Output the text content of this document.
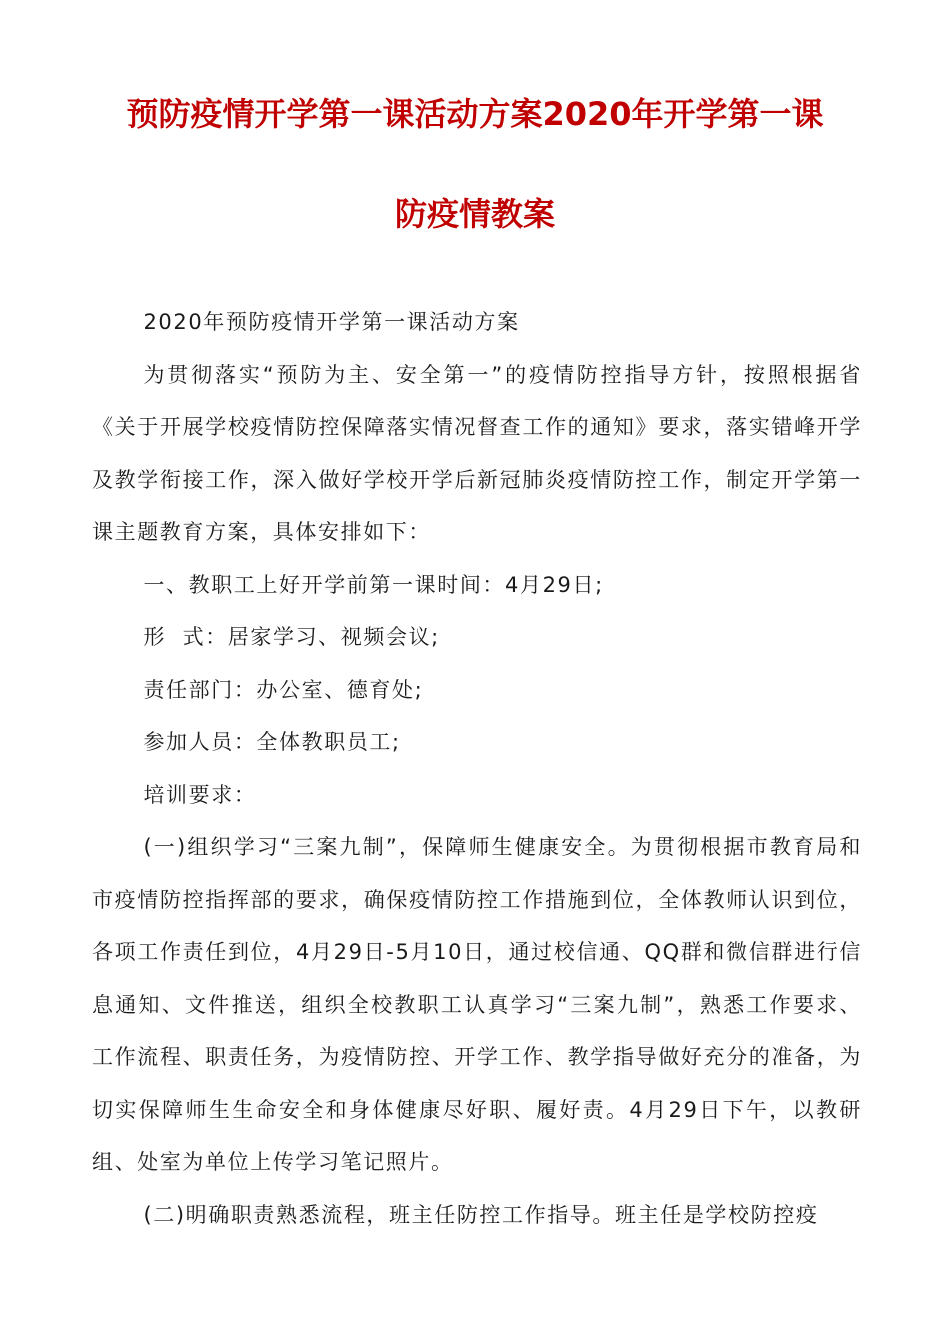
预防疫情开学第一课活动方案2020年开学第一课
防疫情教案

2020年预防疫情开学第一课活动方案

为贯彻落实“预防为主、安全第一”的疫情防控指导方针，按照根据省《关于开展学校疫情防控保障落实情况督查工作的通知》要求，落实错峰开学及教学衔接工作，深入做好学校开学后新冠肺炎疫情防控工作，制定开学第一课主题教育方案，具体安排如下：

一、教职工上好开学前第一课时间：4月29日;

形  式：居家学习、视频会议;

责任部门：办公室、德育处;

参加人员：全体教职员工;

培训要求：

(一)组织学习“三案九制”，保障师生健康安全。为贯彻根据市教育局和市疫情防控指挥部的要求，确保疫情防控工作措施到位，全体教师认识到位，各项工作责任到位，4月29日-5月10日，通过校信通、QQ群和微信群进行信息通知、文件推送，组织全校教职工认真学习“三案九制”，熟悉工作要求、工作流程、职责任务，为疫情防控、开学工作、教学指导做好充分的准备，为切实保障师生生命安全和身体健康尽好职、履好责。4月29日下午，以教研组、处室为单位上传学习笔记照片。

(二)明确职责熟悉流程，班主任防控工作指导。班主任是学校防控疫
